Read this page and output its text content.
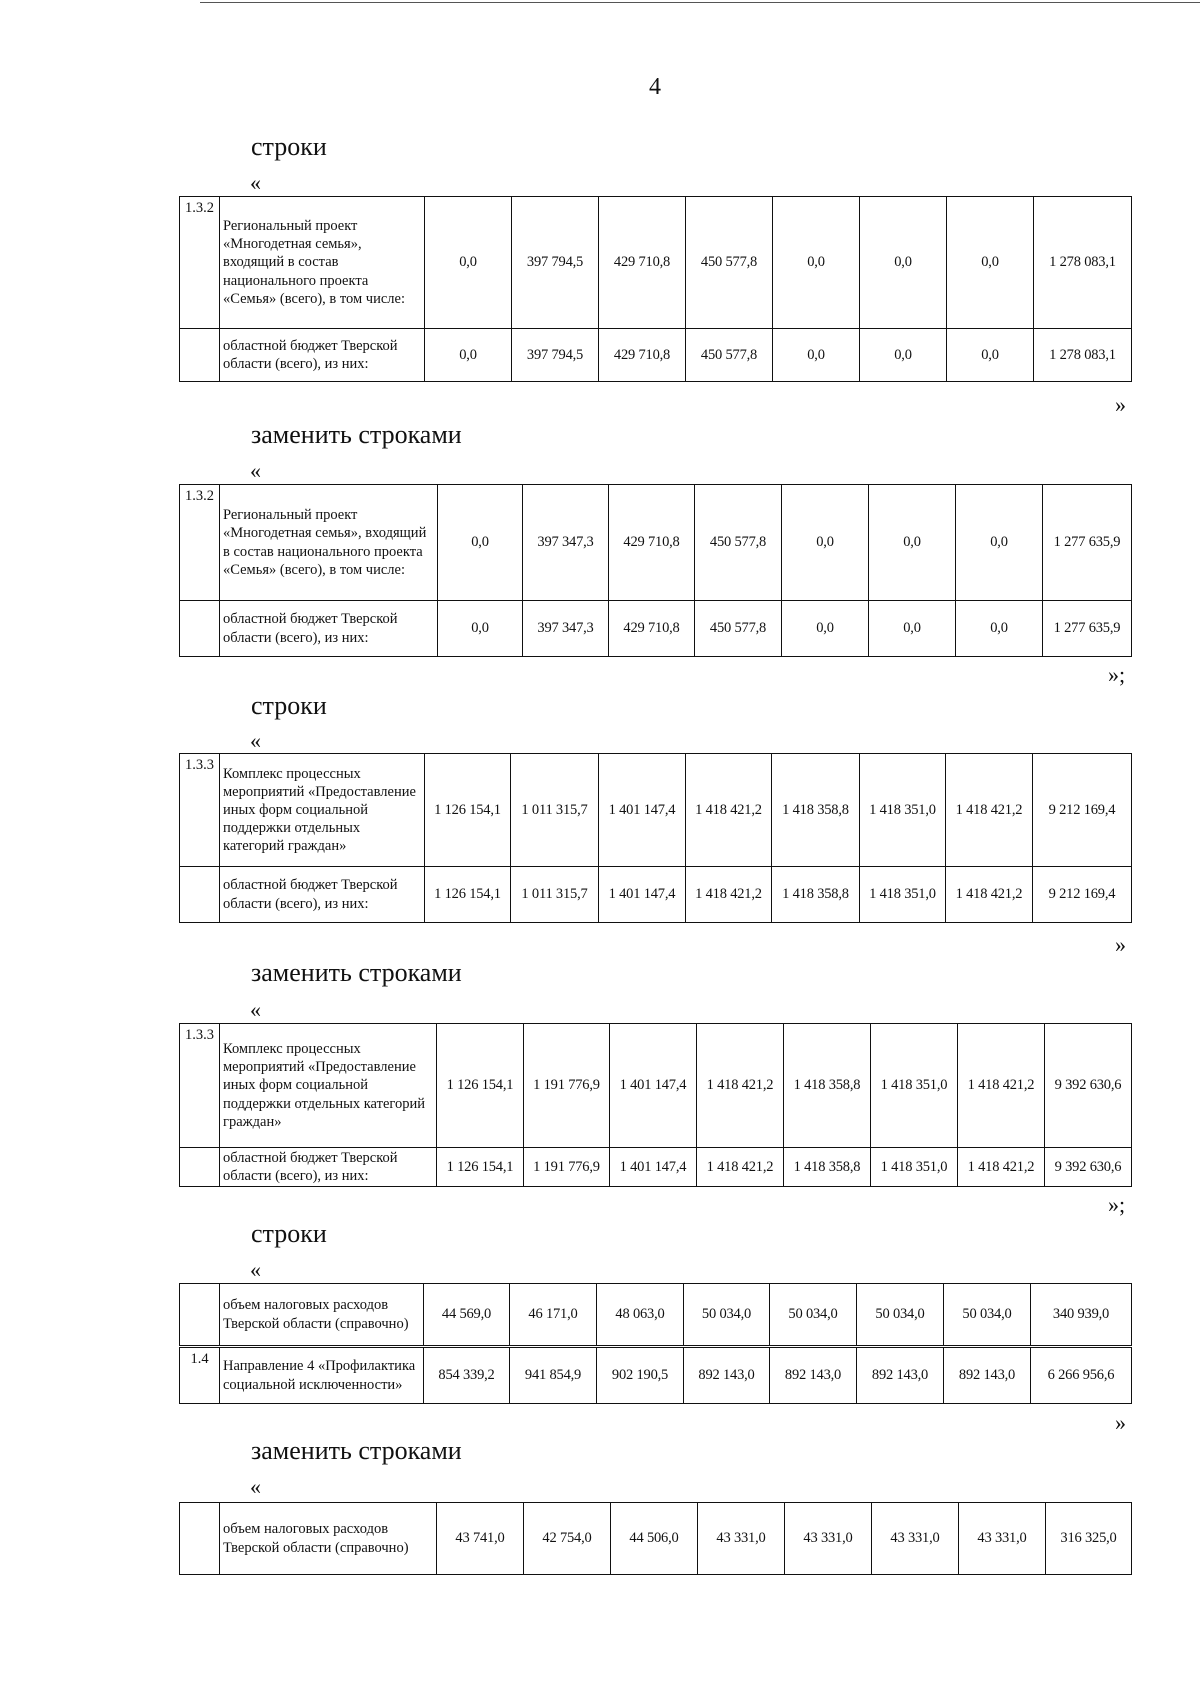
4
строки
«
1.3.2	Региональный проект «Многодетная семья», входящий в состав национального проекта «Семья» (всего), в том числе:	0,0	397 794,5	429 710,8	450 577,8	0,0	0,0	0,0	1 278 083,1
	областной бюджет Тверской области (всего), из них:	0,0	397 794,5	429 710,8	450 577,8	0,0	0,0	0,0	1 278 083,1
»
заменить строками
«
1.3.2	Региональный проект «Многодетная семья», входящий в состав национального проекта «Семья» (всего), в том числе:	0,0	397 347,3	429 710,8	450 577,8	0,0	0,0	0,0	1 277 635,9
	областной бюджет Тверской области (всего), из них:	0,0	397 347,3	429 710,8	450 577,8	0,0	0,0	0,0	1 277 635,9
»;
строки
«
1.3.3	Комплекс процессных мероприятий «Предоставление иных форм социальной поддержки отдельных категорий граждан»	1 126 154,1	1 011 315,7	1 401 147,4	1 418 421,2	1 418 358,8	1 418 351,0	1 418 421,2	9 212 169,4
	областной бюджет Тверской области (всего), из них:	1 126 154,1	1 011 315,7	1 401 147,4	1 418 421,2	1 418 358,8	1 418 351,0	1 418 421,2	9 212 169,4
»
заменить строками
«
1.3.3	Комплекс процессных мероприятий «Предоставление иных форм социальной поддержки отдельных категорий граждан»	1 126 154,1	1 191 776,9	1 401 147,4	1 418 421,2	1 418 358,8	1 418 351,0	1 418 421,2	9 392 630,6
	областной бюджет Тверской области (всего), из них:	1 126 154,1	1 191 776,9	1 401 147,4	1 418 421,2	1 418 358,8	1 418 351,0	1 418 421,2	9 392 630,6
»;
строки
«
	объем налоговых расходов Тверской области (справочно)	44 569,0	46 171,0	48 063,0	50 034,0	50 034,0	50 034,0	50 034,0	340 939,0
1.4	Направление 4 «Профилактика социальной исключенности»	854 339,2	941 854,9	902 190,5	892 143,0	892 143,0	892 143,0	892 143,0	6 266 956,6
»
заменить строками
«
	объем налоговых расходов Тверской области (справочно)	43 741,0	42 754,0	44 506,0	43 331,0	43 331,0	43 331,0	43 331,0	316 325,0
